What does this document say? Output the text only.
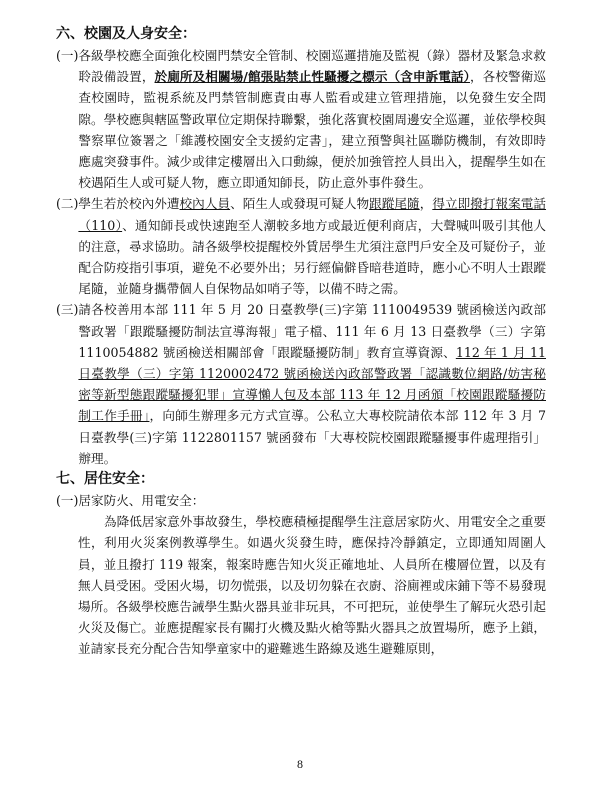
六、校園及人身安全：
(一) 各級學校應全面強化校園門禁安全管制、校園巡邏措施及監視（錄）器材及緊急求救聆設備設置，於廁所及相關場/館張貼禁止性騷擾之標示（含申訴電話），各校警衛巡查校園時，監視系統及門禁管制應責由專人監看或建立管理措施，以免發生安全問隙。學校應與轄區警政單位定期保持聯繫，強化落實校園周邊安全巡邏，並依學校與警察單位簽署之「維護校園安全支援約定書」，建立預警與社區聯防機制，有效即時應處突發事件。減少或律定樓層出入口動線，便於加強管控人員出入，提醒學生如在校遇陌生人或可疑人物，應立即通知師長，防止意外事件發生。
(二) 學生若於校內外遭校內人員、陌生人或發現可疑人物跟蹤尾隨，得立即撥打報案電話（110）、通知師長或快速跑至人潮較多地方或最近便利商店，大聲喊叫吸引其他人的注意，尋求協助。請各級學校提醒校外賃居學生尤須注意門戶安全及可疑份子，並配合防疫指引事項，避免不必要外出；另行經偏僻昏暗巷道時，應小心不明人士跟蹤尾隨，並隨身攜帶個人自保物品如哨子等，以備不時之需。
(三) 請各校善用本部 111 年 5 月 20 日臺教學(三)字第 1110049539 號函檢送內政部警政署「跟蹤騷擾防制法宣導海報」電子檔、111 年 6 月 13 日臺教學（三）字第 1110054882 號函檢送相關部會「跟蹤騷擾防制」教育宣導資源、112 年 1 月 11 日臺教學（三）字第 1120002472 號函檢送內政部警政署「認識數位網路/妨害秘密等新型態跟蹤騷擾犯罪」宣導懶人包及本部 113 年 12 月函頒「校園跟蹤騷擾防制工作手冊」，向師生辦理多元方式宣導。公私立大專校院請依本部 112 年 3 月 7 日臺教學(三)字第 1122801157 號函發布「大專校院校園跟蹤騷擾事件處理指引」辦理。
七、居住安全：
(一)居家防火、用電安全：
為降低居家意外事故發生，學校應積極提醒學生注意居家防火、用電安全之重要性，利用火災案例教導學生。如遇火災發生時，應保持冷靜鎮定，立即通知周圍人員，並且撥打 119 報案，報案時應告知火災正確地址、人員所在樓層位置，以及有無人員受困。受困火場，切勿慌張，以及切勿躲在衣廚、浴廁裡或床鋪下等不易發現場所。各級學校應告誡學生點火器具並非玩具，不可把玩，並使學生了解玩火恐引起火災及傷亡。並應提醒家長有關打火機及點火槍等點火器具之放置場所，應予上鎖，並請家長充分配合告知學童家中的避難逃生路線及逃生避難原則，
8
